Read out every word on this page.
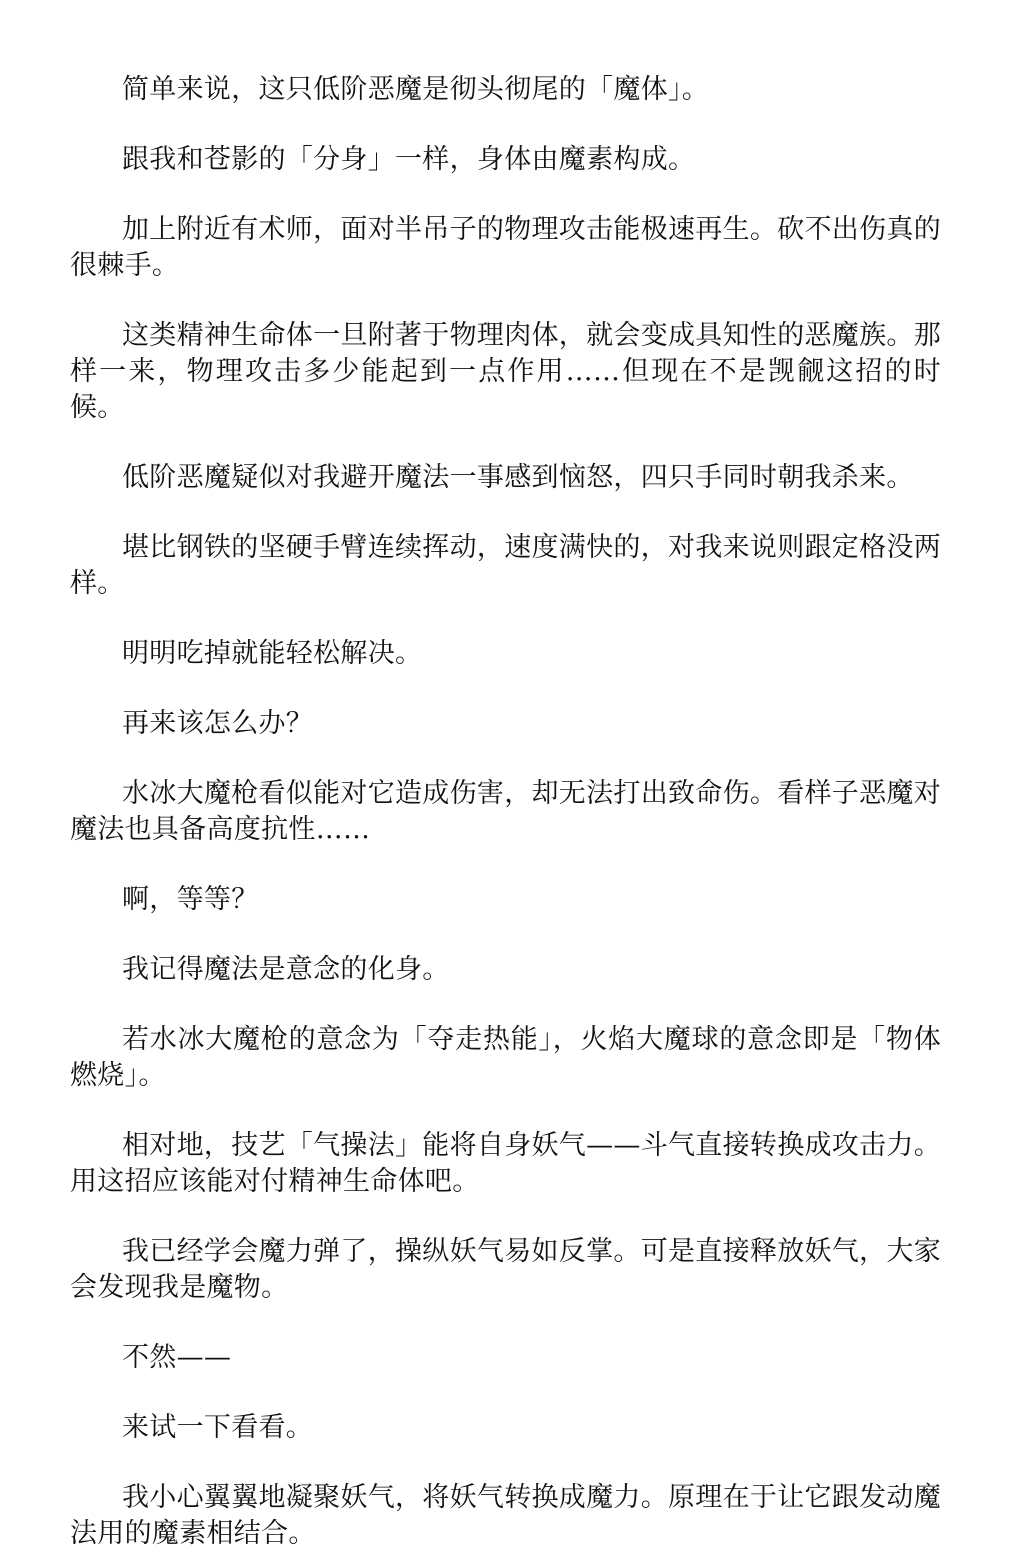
简单来说，这只低阶恶魔是彻头彻尾的「魔体」。

跟我和苍影的「分身」一样，身体由魔素构成。

加上附近有术师，面对半吊子的物理攻击能极速再生。砍不出伤真的很棘手。

这类精神生命体一旦附著于物理肉体，就会变成具知性的恶魔族。那样一来，物理攻击多少能起到一点作用……但现在不是觊觎这招的时候。

低阶恶魔疑似对我避开魔法一事感到恼怒，四只手同时朝我杀来。

堪比钢铁的坚硬手臂连续挥动，速度满快的，对我来说则跟定格没两样。

明明吃掉就能轻松解决。

再来该怎么办？

水冰大魔枪看似能对它造成伤害，却无法打出致命伤。看样子恶魔对魔法也具备高度抗性……

啊，等等？

我记得魔法是意念的化身。

若水冰大魔枪的意念为「夺走热能」，火焰大魔球的意念即是「物体燃烧」。

相对地，技艺「气操法」能将自身妖气——斗气直接转换成攻击力。用这招应该能对付精神生命体吧。

我已经学会魔力弹了，操纵妖气易如反掌。可是直接释放妖气，大家会发现我是魔物。

不然——

来试一下看看。

我小心翼翼地凝聚妖气，将妖气转换成魔力。原理在于让它跟发动魔法用的魔素相结合。
